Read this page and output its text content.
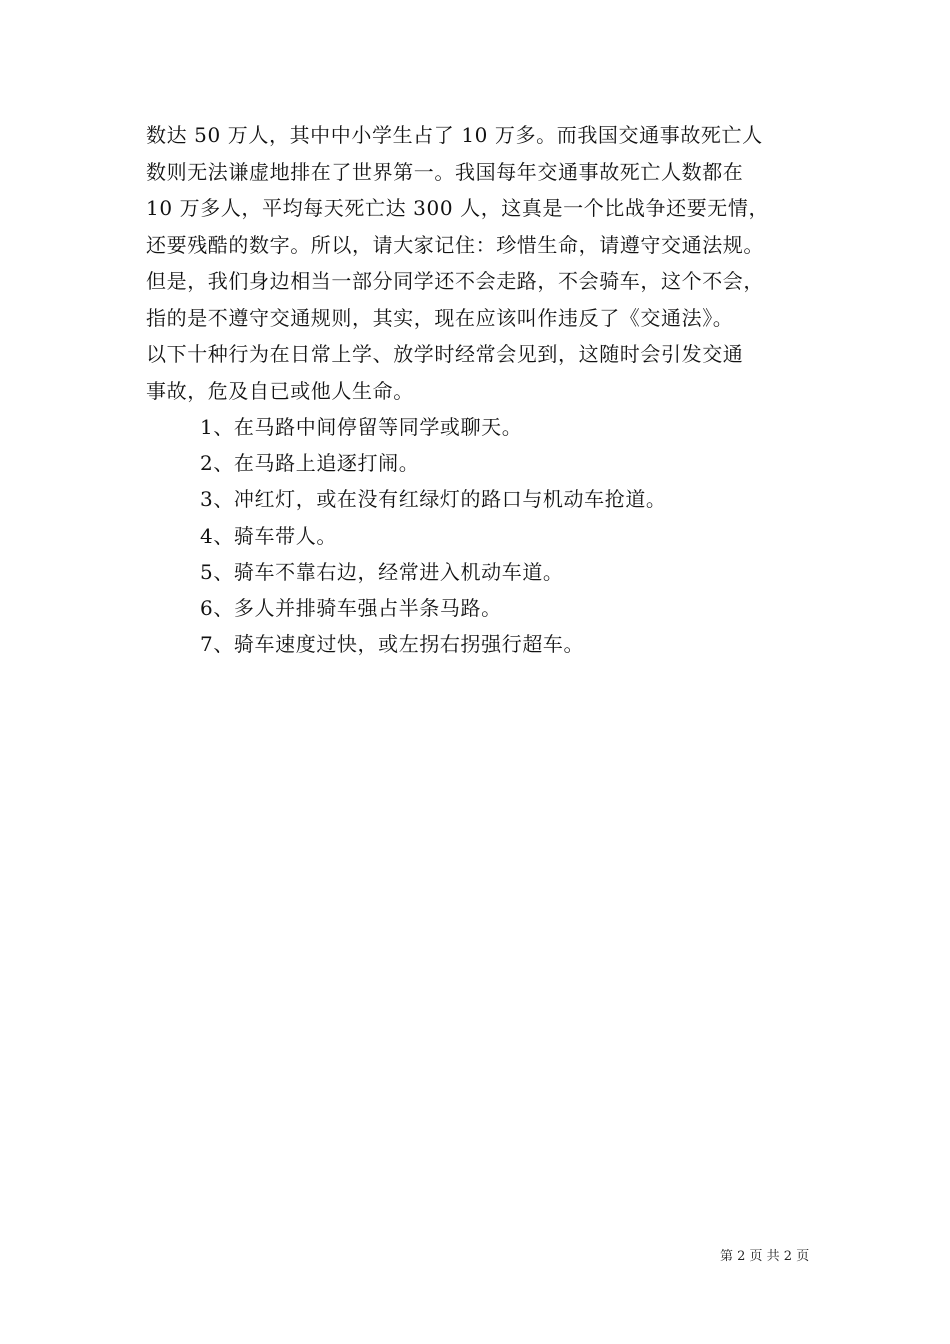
数达 50 万人，其中中小学生占了 10 万多。而我国交通事故死亡人
数则无法谦虚地排在了世界第一。我国每年交通事故死亡人数都在
10 万多人，平均每天死亡达 300 人，这真是一个比战争还要无情，
还要残酷的数字。所以，请大家记住：珍惜生命，请遵守交通法规。
但是，我们身边相当一部分同学还不会走路，不会骑车，这个不会，
指的是不遵守交通规则，其实，现在应该叫作违反了《交通法》。
以下十种行为在日常上学、放学时经常会见到，这随时会引发交通
事故，危及自已或他人生命。
1、在马路中间停留等同学或聊天。
2、在马路上追逐打闹。
3、冲红灯，或在没有红绿灯的路口与机动车抢道。
4、骑车带人。
5、骑车不靠右边，经常进入机动车道。
6、多人并排骑车强占半条马路。
7、骑车速度过快，或左拐右拐强行超车。
第 2 页 共 2 页
